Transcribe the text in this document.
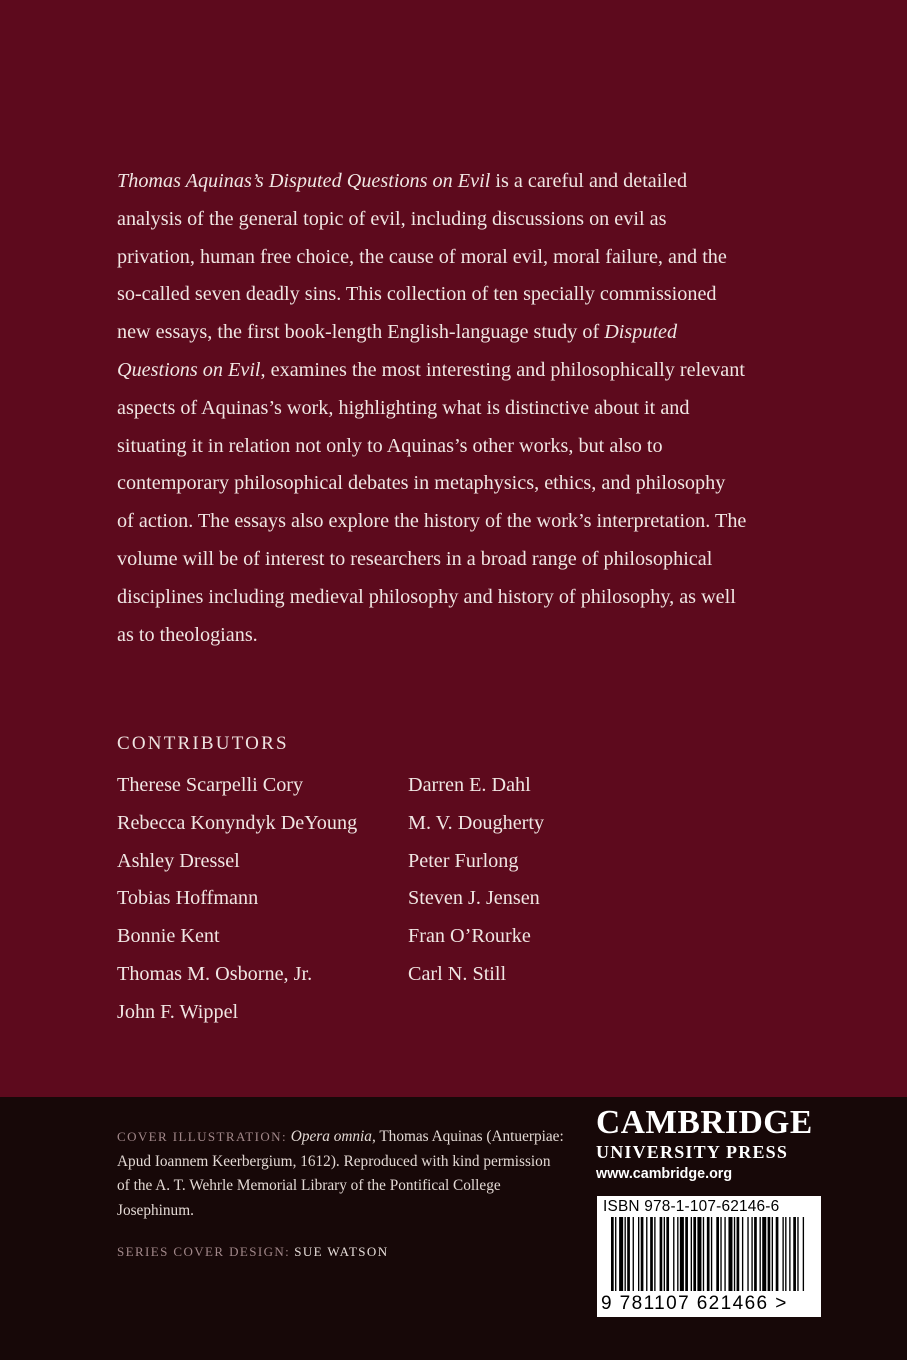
Thomas Aquinas’s Disputed Questions on Evil is a careful and detailed analysis of the general topic of evil, including discussions on evil as privation, human free choice, the cause of moral evil, moral failure, and the so-called seven deadly sins. This collection of ten specially commissioned new essays, the first book-length English-language study of Disputed Questions on Evil, examines the most interesting and philosophically relevant aspects of Aquinas’s work, highlighting what is distinctive about it and situating it in relation not only to Aquinas’s other works, but also to contemporary philosophical debates in metaphysics, ethics, and philosophy of action. The essays also explore the history of the work’s interpretation. The volume will be of interest to researchers in a broad range of philosophical disciplines including medieval philosophy and history of philosophy, as well as to theologians.
CONTRIBUTORS
Therese Scarpelli Cory
Rebecca Konyndyk DeYoung
Ashley Dressel
Tobias Hoffmann
Bonnie Kent
Thomas M. Osborne, Jr.
John F. Wippel
Darren E. Dahl
M. V. Dougherty
Peter Furlong
Steven J. Jensen
Fran O’Rourke
Carl N. Still
COVER ILLUSTRATION: Opera omnia, Thomas Aquinas (Antuerpiae: Apud Ioannem Keerbergium, 1612). Reproduced with kind permission of the A. T. Wehrle Memorial Library of the Pontifical College Josephinum.
SERIES COVER DESIGN: SUE WATSON
CAMBRIDGE
UNIVERSITY PRESS
www.cambridge.org
ISBN 978-1-107-62146-6
9 781107 621466 >
